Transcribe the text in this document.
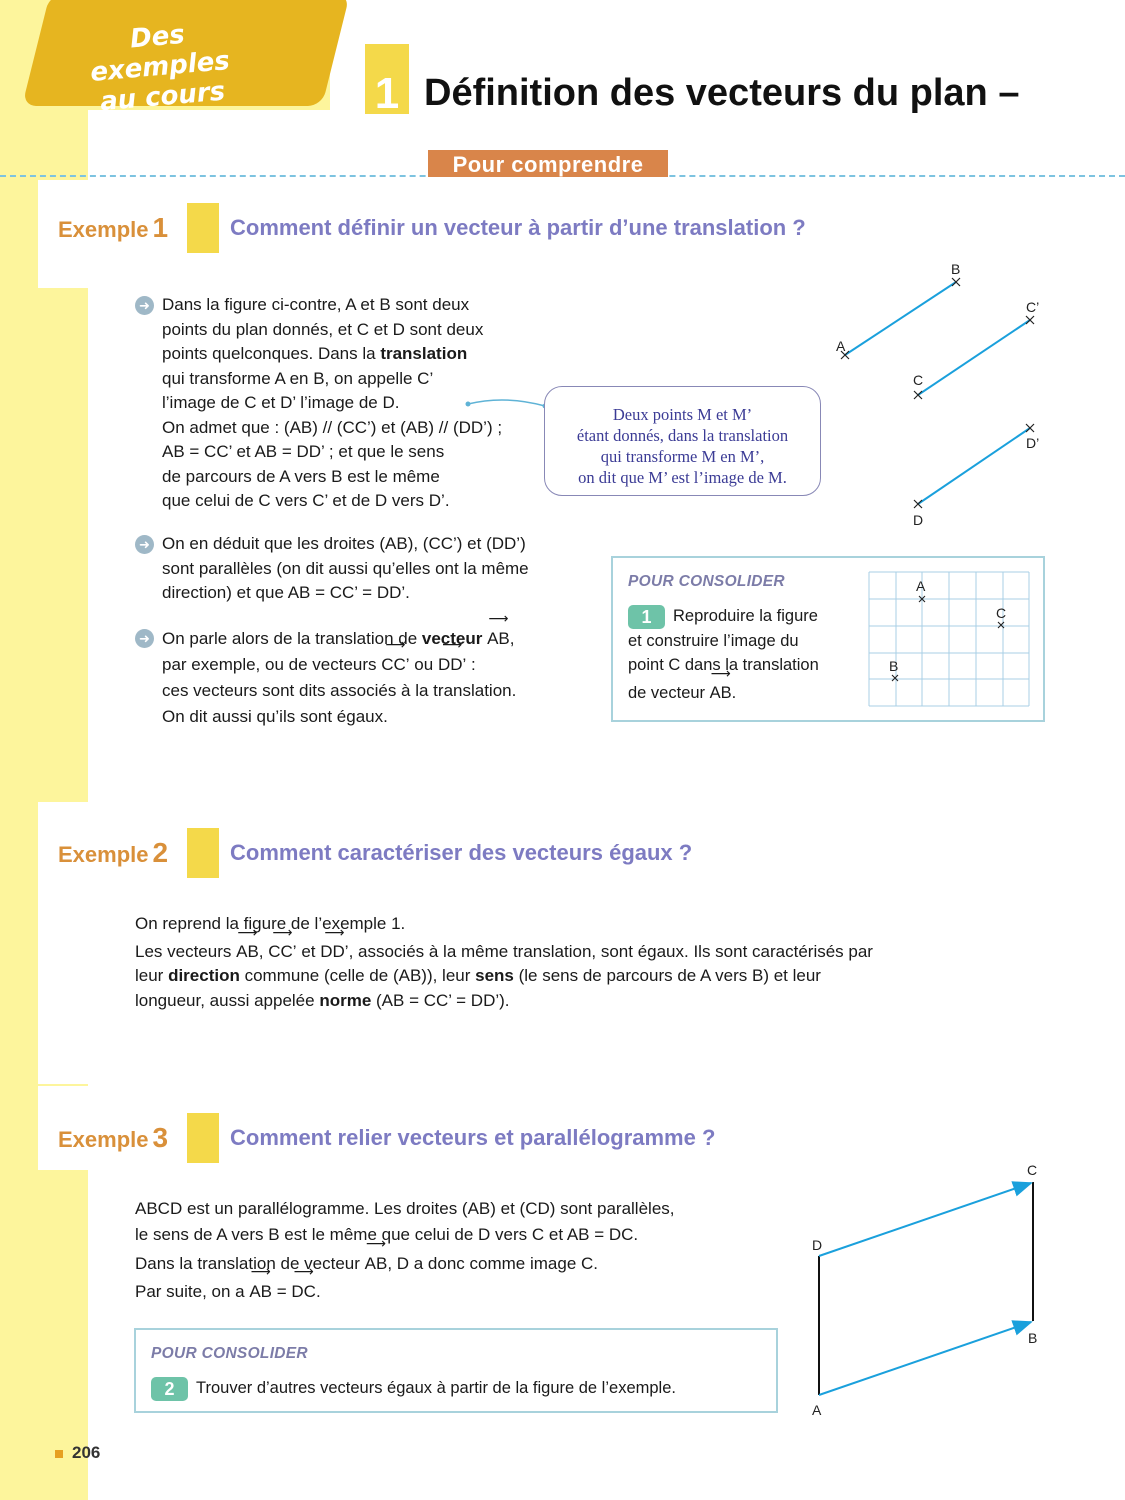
Des exemples
au cours	1 Définition des vecteurs du plan –
Pour comprendre
Exemple 1	Comment définir un vecteur à partir d’une translation ?
➜ Dans la figure ci-contre, A et B sont deux
points du plan donnés, et C et D sont deux
points quelconques. Dans la translation
qui transforme A en B, on appelle C’
l’image de C et D’ l’image de D.
On admet que : (AB) // (CC’) et (AB) // (DD’) ;
AB = CC’ et AB = DD’ ; et que le sens
de parcours de A vers B est le même
que celui de C vers C’ et de D vers D’.
➜ On en déduit que les droites (AB), (CC’) et (DD’)
sont parallèles (on dit aussi qu’elles ont la même
direction) et que AB = CC’ = DD’.
➜ On parle alors de la translation de vecteur ⟶ AB,
par exemple, ou de vecteurs ⟶ CC’ ou ⟶ DD’ :
ces vecteurs sont dits associés à la translation.
On dit aussi qu’ils sont égaux.
Deux points M et M’
étant donnés, dans la translation
qui transforme M en M’,
on dit que M’ est l’image de M.
A
B
C
C’
D
D’
POUR CONSOLIDER
1 Reproduire la figure
et construire l’image du
point C dans la translation
de vecteur ⟶ AB.
A
C
B
Exemple 2	Comment caractériser des vecteurs égaux ?
On reprend la figure de l’exemple 1.
Les vecteurs ⟶ AB, ⟶ CC’ et ⟶ DD’, associés à la même translation, sont égaux. Ils sont caractérisés par
leur direction commune (celle de (AB)), leur sens (le sens de parcours de A vers B) et leur
longueur, aussi appelée norme (AB = CC’ = DD’).
Exemple 3	Comment relier vecteurs et parallélogramme ?
ABCD est un parallélogramme. Les droites (AB) et (CD) sont parallèles,
le sens de A vers B est le même que celui de D vers C et AB = DC.
Dans la translation de vecteur ⟶ AB, D a donc comme image C.
Par suite, on a ⟶ AB = ⟶ DC.
POUR CONSOLIDER
2 Trouver d’autres vecteurs égaux à partir de la figure de l’exemple.
A
B
C
D
206
